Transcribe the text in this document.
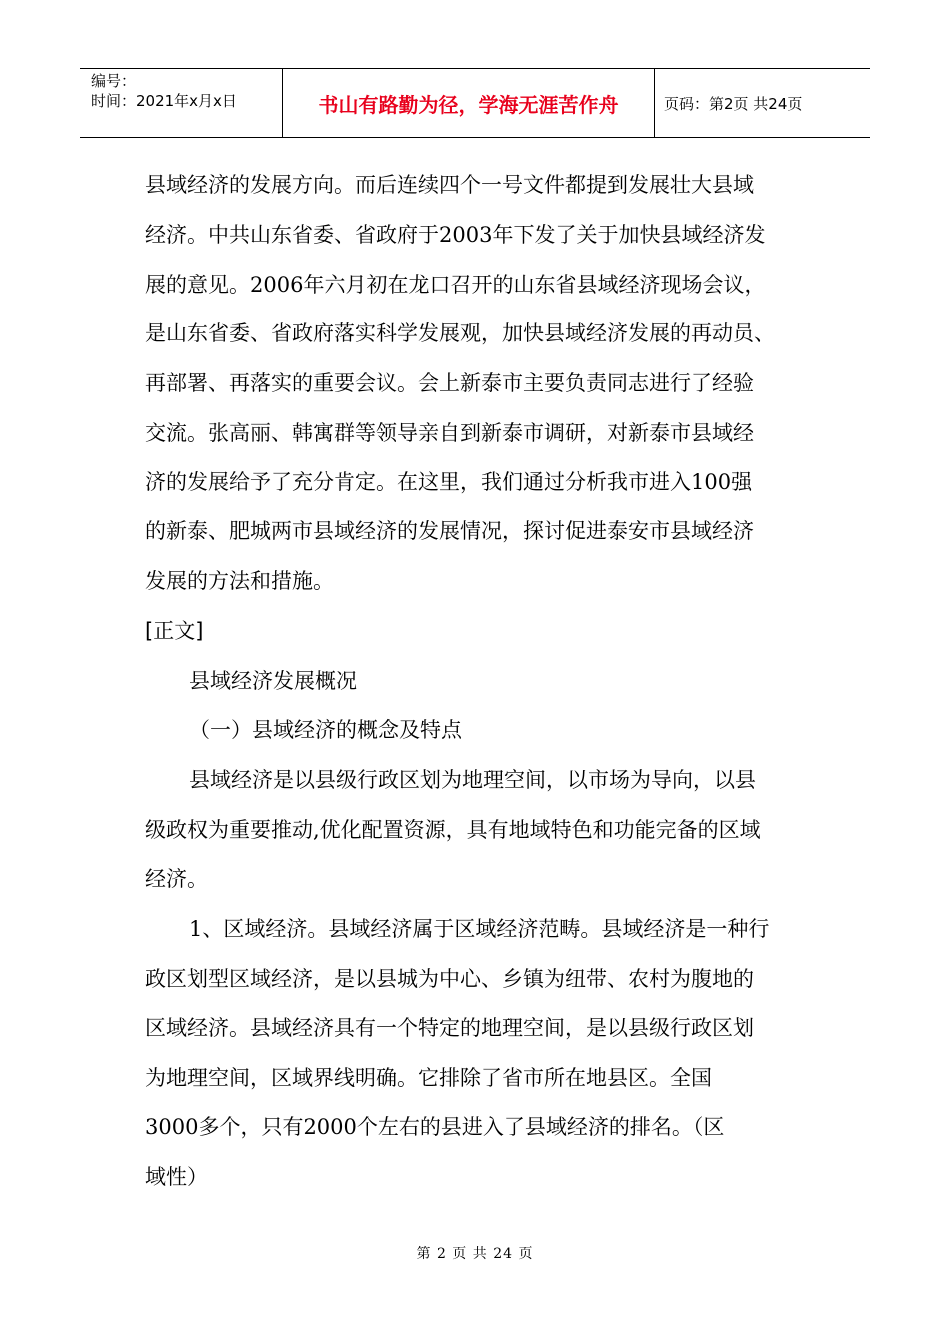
编号：
时间：2021年x月x日	书山有路勤为径，学海无涯苦作舟	页码：第2页 共24页
县域经济的发展方向。而后连续四个一号文件都提到发展壮大县域
经济。中共山东省委、省政府于2003年下发了关于加快县域经济发
展的意见。2006年六月初在龙口召开的山东省县域经济现场会议，
是山东省委、省政府落实科学发展观，加快县域经济发展的再动员、
再部署、再落实的重要会议。会上新泰市主要负责同志进行了经验
交流。张高丽、韩寓群等领导亲自到新泰市调研，对新泰市县域经
济的发展给予了充分肯定。在这里，我们通过分析我市进入100强
的新泰、肥城两市县域经济的发展情况，探讨促进泰安市县域经济
发展的方法和措施。
[正文]
县域经济发展概况
（一）县域经济的概念及特点
县域经济是以县级行政区划为地理空间，以市场为导向，以县
级政权为重要推动,优化配置资源，具有地域特色和功能完备的区域
经济。
1、区域经济。县域经济属于区域经济范畴。县域经济是一种行
政区划型区域经济，是以县城为中心、乡镇为纽带、农村为腹地的
区域经济。县域经济具有一个特定的地理空间，是以县级行政区划
为地理空间，区域界线明确。它排除了省市所在地县区。全国
3000多个，只有2000个左右的县进入了县域经济的排名。（区
域性）
第 2 页 共 24 页
